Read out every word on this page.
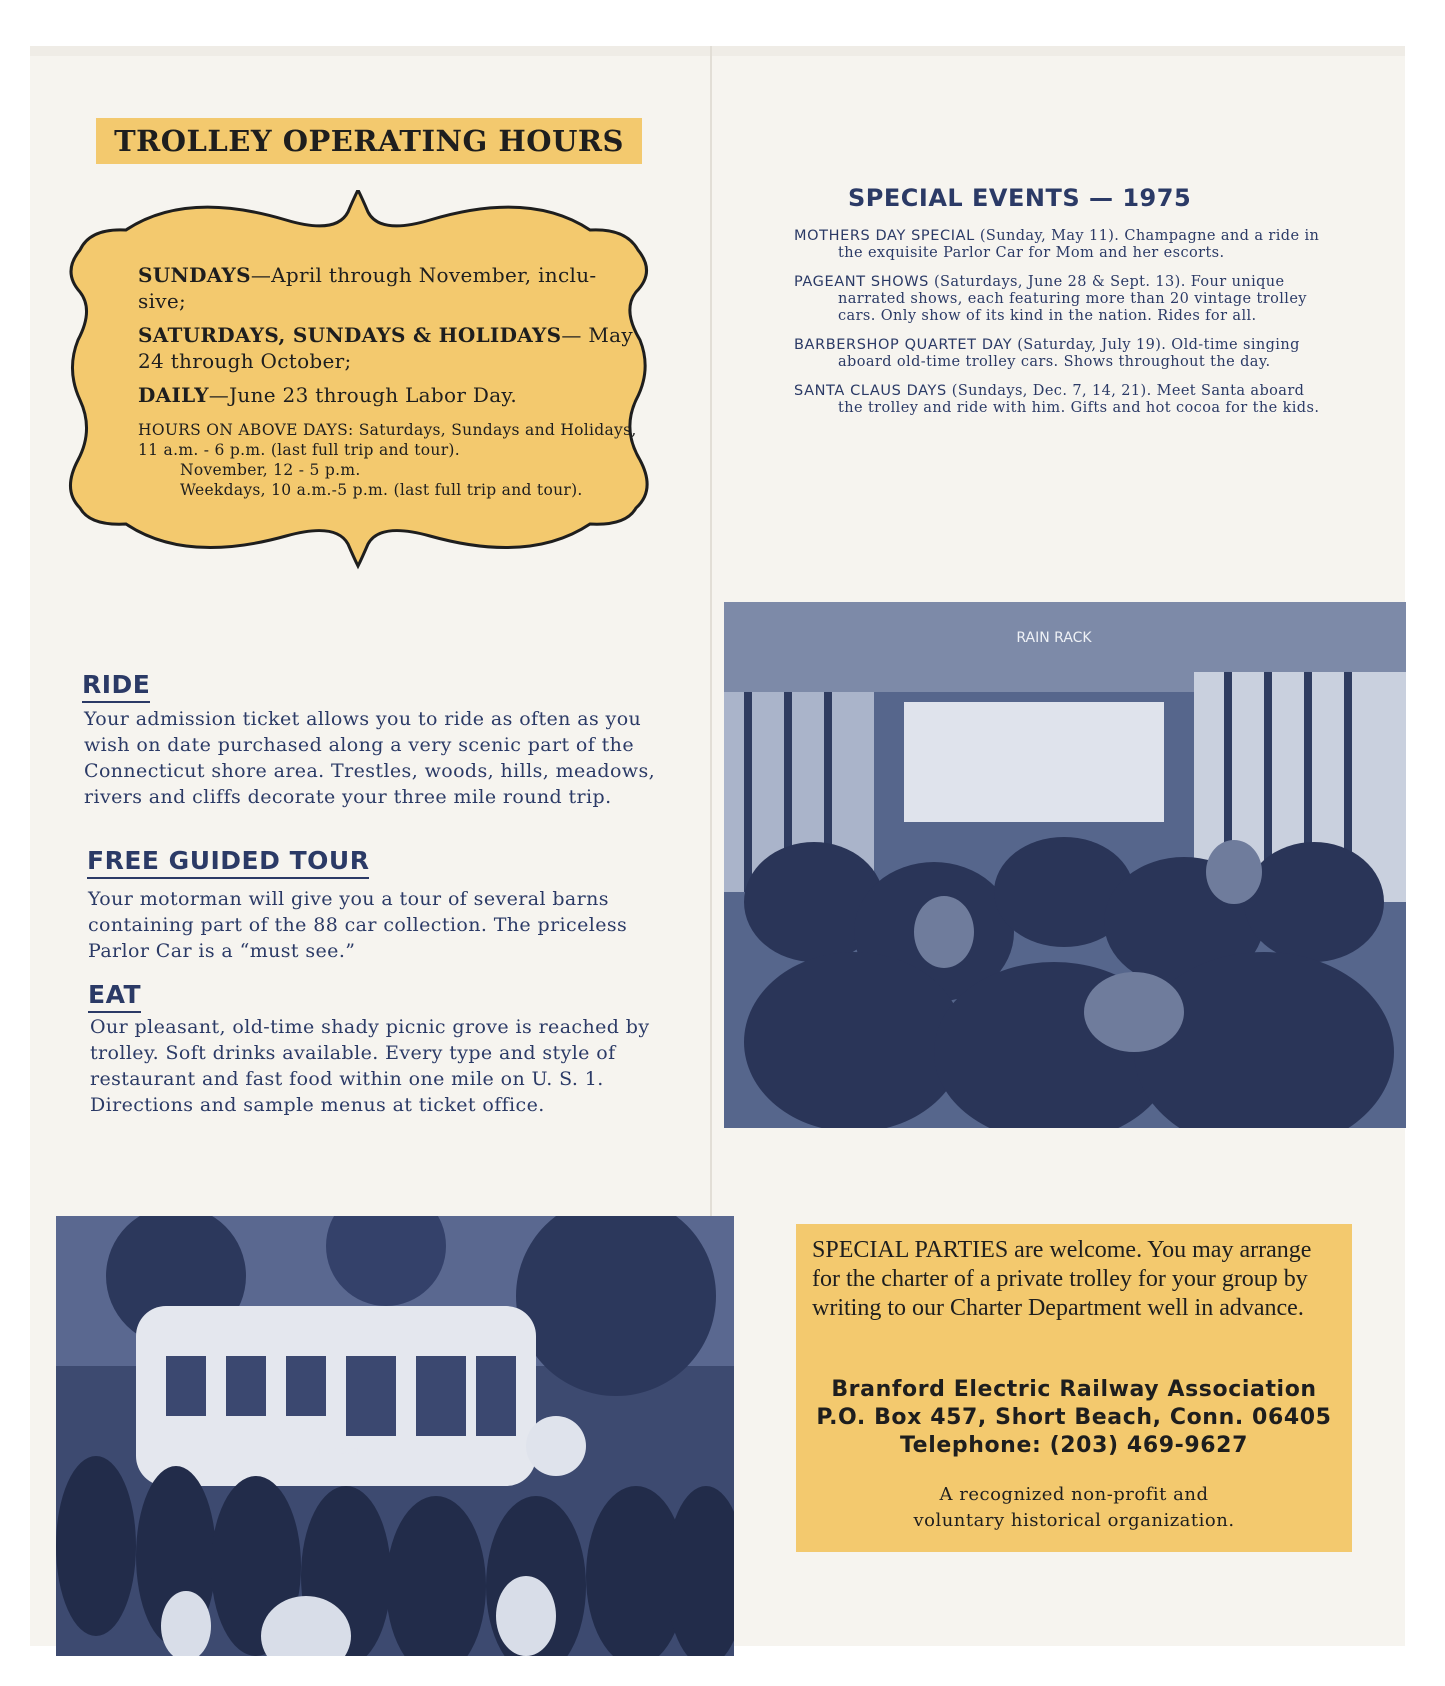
TROLLEY OPERATING HOURS

SUNDAYS—April through November, inclu- sive;

SATURDAYS, SUNDAYS & HOLIDAYS— May 24 through October;

DAILY—June 23 through Labor Day.

HOURS ON ABOVE DAYS: Saturdays, Sundays and Holidays, 11 a.m. - 6 p.m. (last full trip and tour).
November, 12 - 5 p.m.
Weekdays, 10 a.m.-5 p.m. (last full trip and tour).
RIDE
Your admission ticket allows you to ride as often as you wish on date purchased along a very scenic part of the Connecticut shore area. Trestles, woods, hills, meadows, rivers and cliffs decorate your three mile round trip.
FREE GUIDED TOUR
Your motorman will give you a tour of several barns containing part of the 88 car collection. The priceless Parlor Car is a “must see.”
EAT
Our pleasant, old-time shady picnic grove is reached by trolley. Soft drinks available. Every type and style of restaurant and fast food within one mile on U. S. 1. Directions and sample menus at ticket office.
SPECIAL EVENTS — 1975

MOTHERS DAY SPECIAL (Sunday, May 11). Champagne and a ride in the exquisite Parlor Car for Mom and her escorts.

PAGEANT SHOWS (Saturdays, June 28 & Sept. 13). Four unique narrated shows, each featuring more than 20 vintage trolley cars. Only show of its kind in the nation. Rides for all.

BARBERSHOP QUARTET DAY (Saturday, July 19). Old-time singing aboard old-time trolley cars. Shows throughout the day.

SANTA CLAUS DAYS (Sundays, Dec. 7, 14, 21). Meet Santa aboard the trolley and ride with him. Gifts and hot cocoa for the kids.

RAIN RACK
INSPECTION CAR
SPECIAL PARTIES are welcome. You may arrange for the charter of a private trolley for your group by writing to our Charter Department well in advance.
Branford Electric Railway Association
P.O. Box 457, Short Beach, Conn. 06405
Telephone: (203) 469-9627
A recognized non-profit and
voluntary historical organization.
